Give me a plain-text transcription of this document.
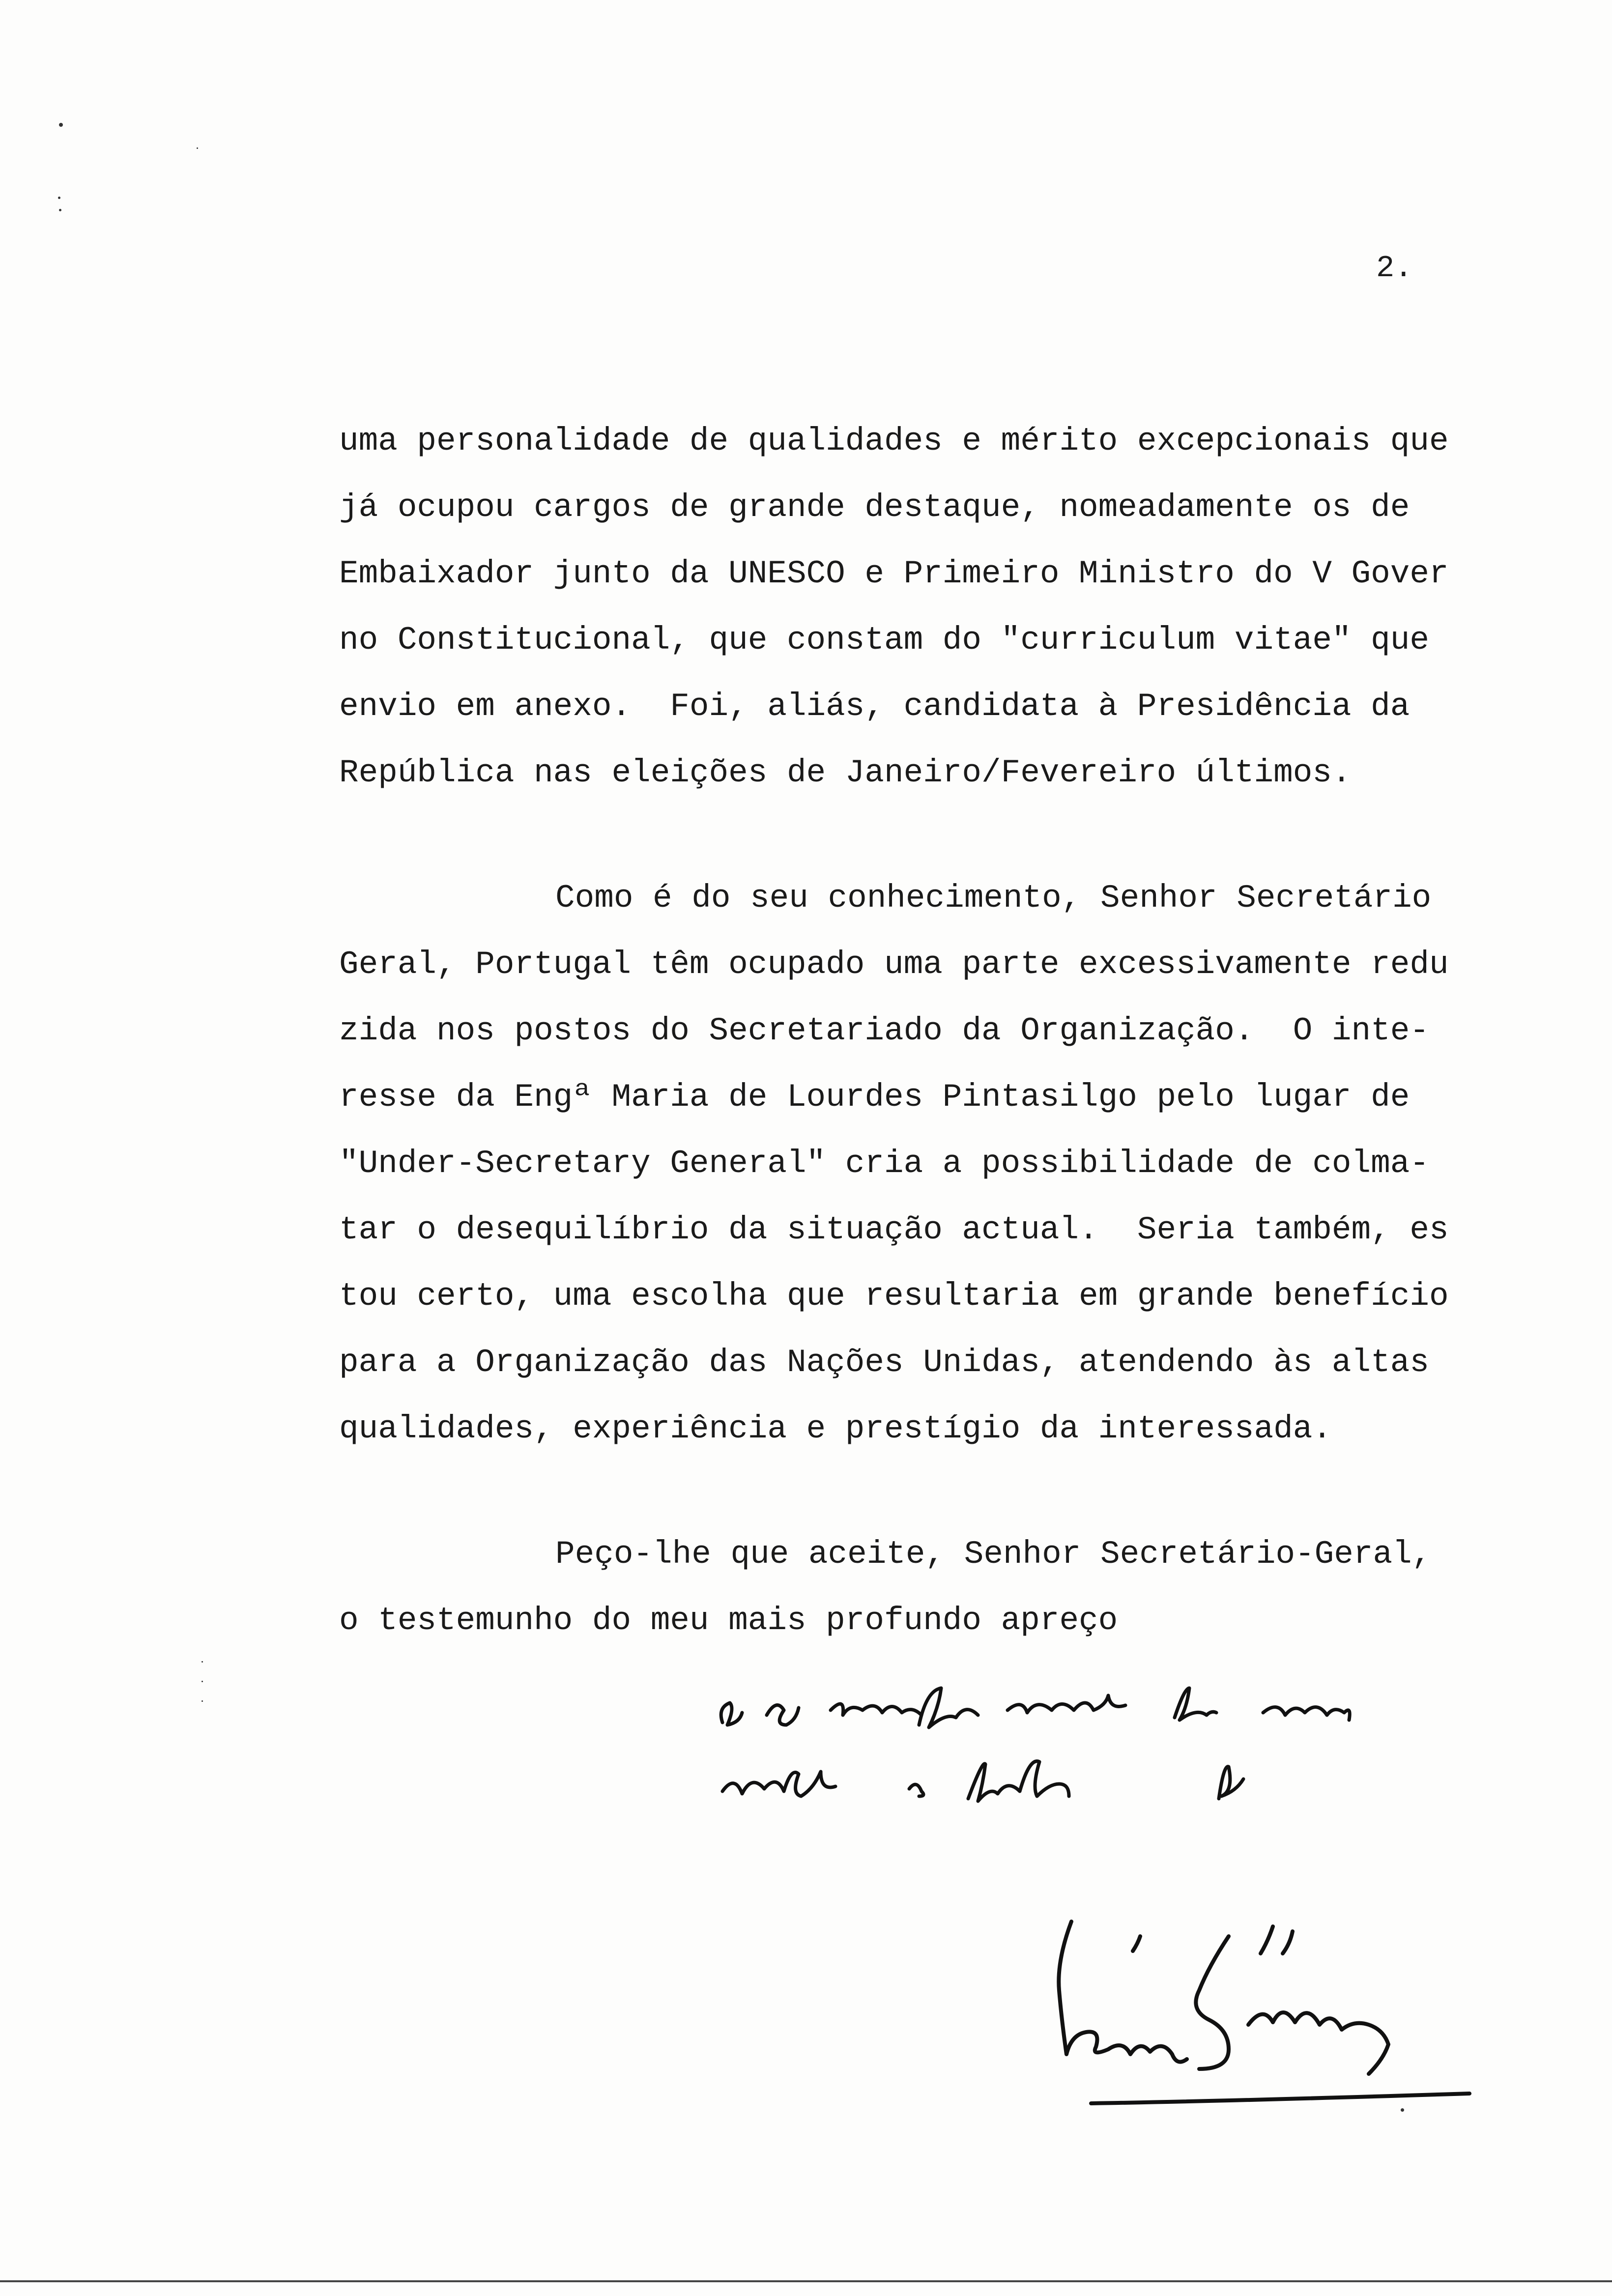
2.
uma personalidade de qualidades e mérito excepcionais que
já ocupou cargos de grande destaque, nomeadamente os de
Embaixador junto da UNESCO e Primeiro Ministro do V Gover
no Constitucional, que constam do "curriculum vitae" que
envio em anexo.  Foi, aliás, candidata à Presidência da
República nas eleições de Janeiro/Fevereiro últimos.
Como é do seu conhecimento, Senhor Secretário
Geral, Portugal têm ocupado uma parte excessivamente redu
zida nos postos do Secretariado da Organização.  O inte-
resse da Engª Maria de Lourdes Pintasilgo pelo lugar de
"Under-Secretary General" cria a possibilidade de colma-
tar o desequilíbrio da situação actual.  Seria também, es
tou certo, uma escolha que resultaria em grande benefício
para a Organização das Nações Unidas, atendendo às altas
qualidades, experiência e prestígio da interessada.
Peço-lhe que aceite, Senhor Secretário-Geral,
o testemunho do meu mais profundo apreço
